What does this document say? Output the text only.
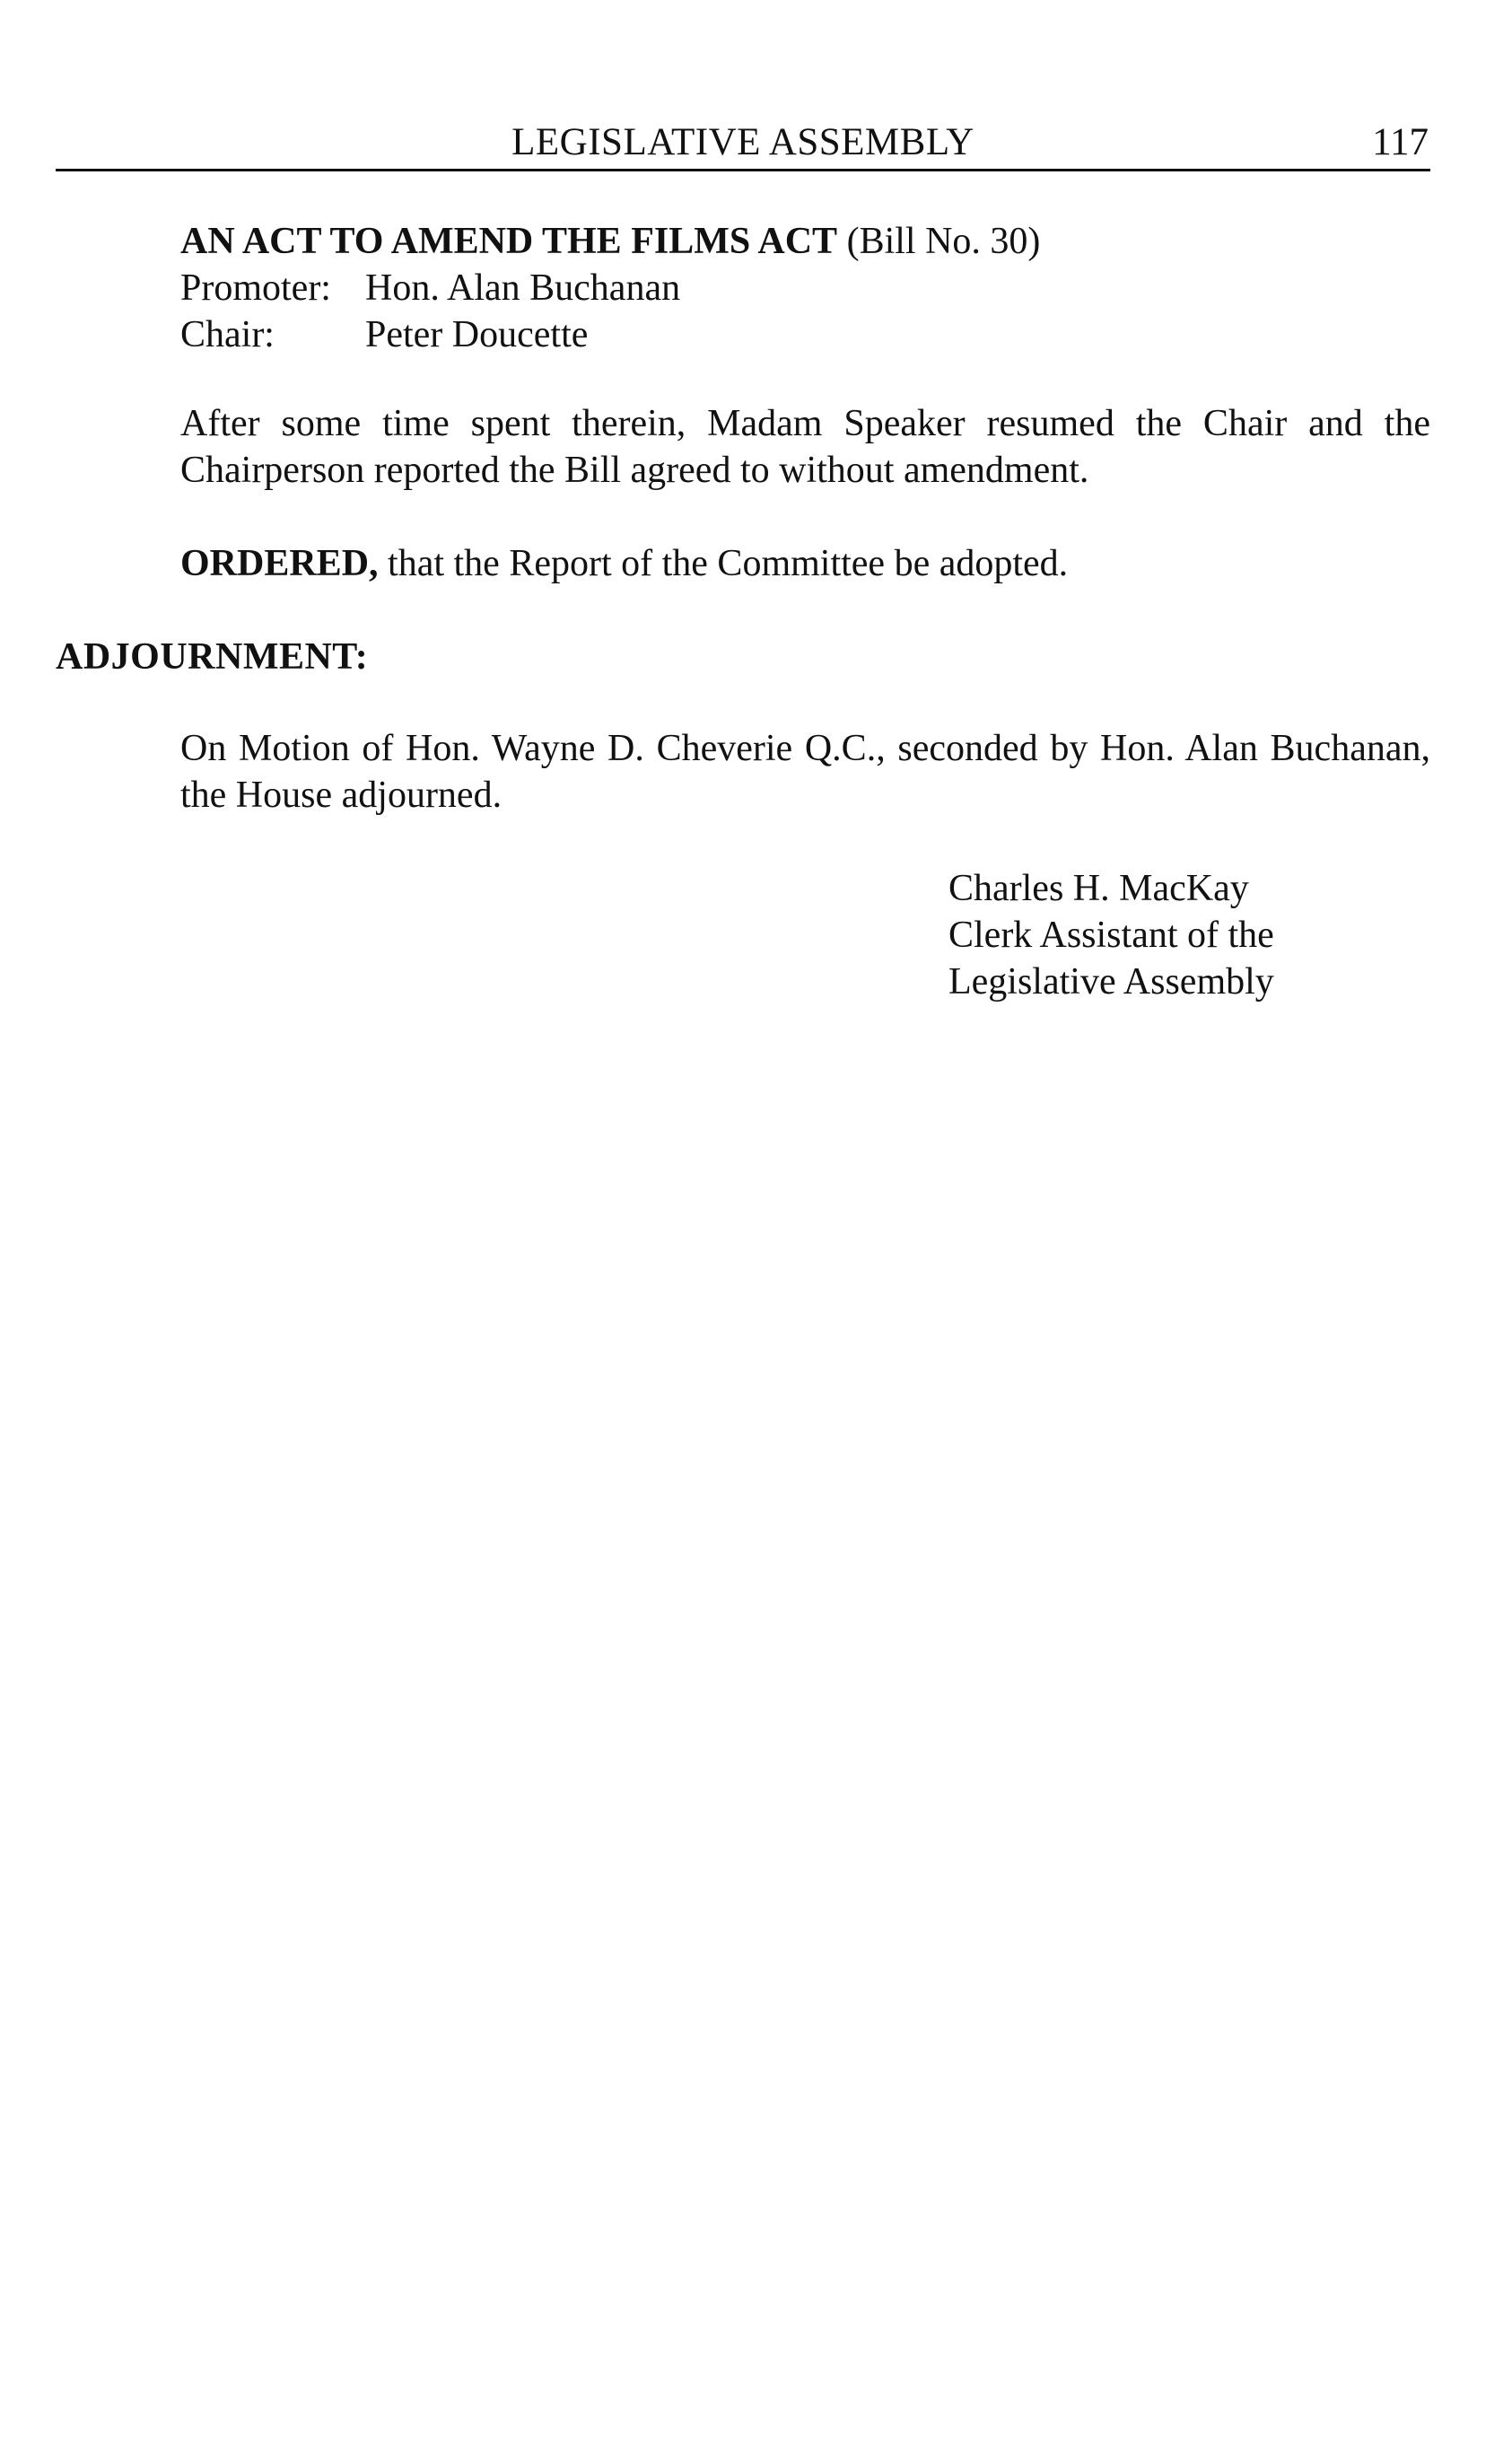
LEGISLATIVE ASSEMBLY	117
AN ACT TO AMEND THE FILMS ACT (Bill No. 30)
Promoter: Hon. Alan Buchanan
Chair:	Peter Doucette
After some time spent therein, Madam Speaker resumed the Chair and the Chairperson reported the Bill agreed to without amendment.
ORDERED, that the Report of the Committee be adopted.
ADJOURNMENT:
On Motion of Hon. Wayne D. Cheverie Q.C., seconded by Hon. Alan Buchanan, the House adjourned.
Charles H. MacKay
Clerk Assistant of the
Legislative Assembly
